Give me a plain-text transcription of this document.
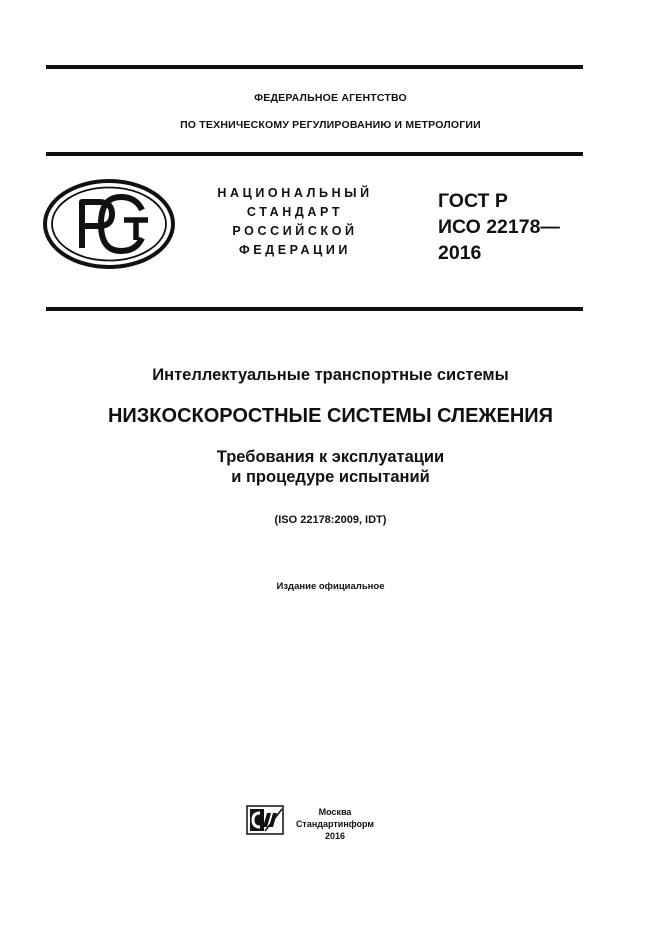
ФЕДЕРАЛЬНОЕ АГЕНТСТВО
ПО ТЕХНИЧЕСКОМУ РЕГУЛИРОВАНИЮ И МЕТРОЛОГИИ
НАЦИОНАЛЬНЫЙ
СТАНДАРТ
РОССИЙСКОЙ
ФЕДЕРАЦИИ
ГОСТ Р
ИСО 22178—
2016
Интеллектуальные транспортные системы
НИЗКОСКОРОСТНЫЕ СИСТЕМЫ СЛЕЖЕНИЯ
Требования к эксплуатации
и процедуре испытаний
(ISO 22178:2009, IDT)
Издание официальное
Москва
Стандартинформ
2016
